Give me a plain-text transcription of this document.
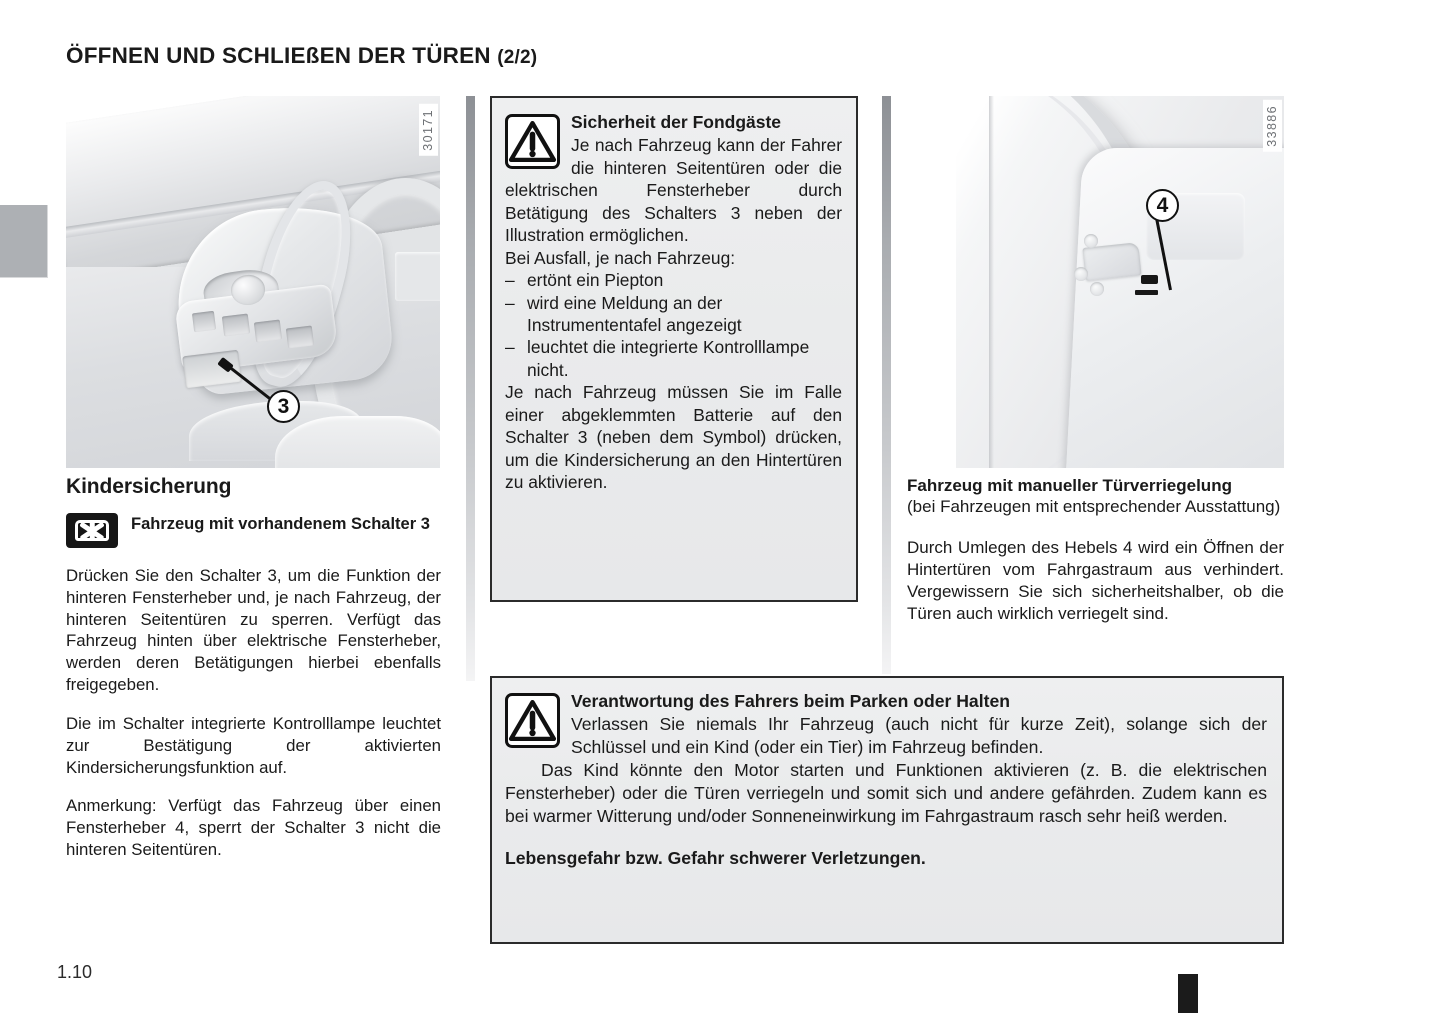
ÖFFNEN UND SCHLIEßEN DER TÜREN (2/2)
3
30171
4
33886
Sicherheit der Fondgäste

Je nach Fahrzeug kann der Fahrer die hinteren Seitentüren oder die elektrischen Fensterheber durch Betätigung des Schalters 3 neben der Illustration ermöglichen.

Bei Ausfall, je nach Fahrzeug:

– ertönt ein Piepton
– wird eine Meldung an der Instrumententafel angezeigt
– leuchtet die integrierte Kontrolllampe nicht.

Je nach Fahrzeug müssen Sie im Falle einer abgeklemmten Batterie auf den Schalter 3 (neben dem Symbol) drücken, um die Kindersicherung an den Hintertüren zu aktivieren.

Kindersicherung
Fahrzeug mit vorhandenem Schalter 3

Drücken Sie den Schalter 3, um die Funktion der hinteren Fensterheber und, je nach Fahrzeug, der hinteren Seitentüren zu sperren. Verfügt das Fahrzeug hinten über elektrische Fensterheber, werden deren Betätigungen hierbei ebenfalls freigegeben.

Die im Schalter integrierte Kontrolllampe leuchtet zur Bestätigung der aktivierten Kindersicherungsfunktion auf.

Anmerkung: Verfügt das Fahrzeug über einen Fensterheber 4, sperrt der Schalter 3 nicht die hinteren Seitentüren.

Fahrzeug mit manueller Türverriegelung

(bei Fahrzeugen mit entsprechender Ausstattung)

Durch Umlegen des Hebels 4 wird ein Öffnen der Hintertüren vom Fahrgastraum aus verhindert. Vergewissern Sie sich sicherheitshalber, ob die Türen auch wirklich verriegelt sind.

Verantwortung des Fahrers beim Parken oder Halten

Verlassen Sie niemals Ihr Fahrzeug (auch nicht für kurze Zeit), solange sich der Schlüssel und ein Kind (oder ein Tier) im Fahrzeug befinden.

Das Kind könnte den Motor starten und Funktionen aktivieren (z. B. die elektrischen Fensterheber) oder die Türen verriegeln und somit sich und andere gefährden. Zudem kann es bei warmer Witterung und/oder Sonneneinwirkung im Fahrgastraum rasch sehr heiß werden.

Lebensgefahr bzw. Gefahr schwerer Verletzungen.

1.10
